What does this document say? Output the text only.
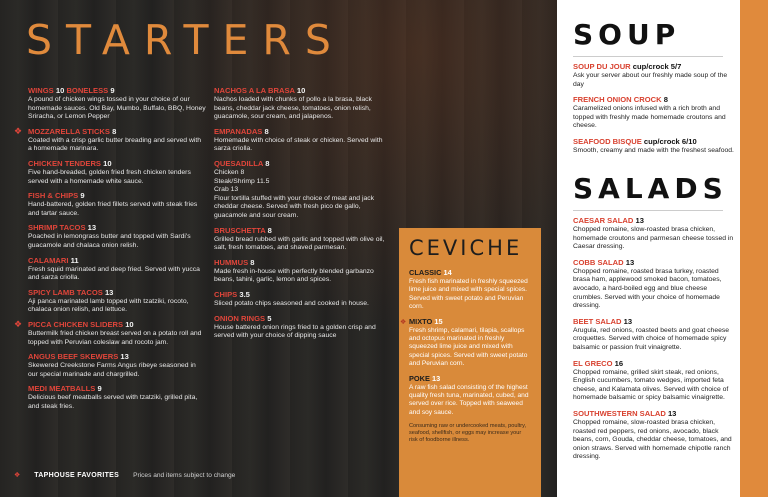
STARTERS
WINGS 10 BONELESS 9
A pound of chicken wings tossed in your choice of our homemade sauces. Old Bay, Mumbo, Buffalo, BBQ, Honey Sriracha, or Lemon Pepper
❖ MOZZARELLA STICKS 8
Coated with a crisp garlic butter breading and served with a homemade marinara.
CHICKEN TENDERS 10
Five hand-breaded, golden fried fresh chicken tenders served with a homemade white sauce.
FISH & CHIPS 9
Hand-battered, golden fried fillets served with steak fries and tartar sauce.
SHRIMP TACOS 13
Poached in lemongrass butter and topped with Sardi's guacamole and chalaca onion relish.
CALAMARI 11
Fresh squid marinated and deep fried. Served with yucca and sarza criolla.
SPICY LAMB TACOS 13
Aji panca marinated lamb topped with tzatziki, rocoto, chalaca onion relish, and lettuce.
❖ PICCA CHICKEN SLIDERS 10
Buttermilk fried chicken breast served on a potato roll and topped with Peruvian coleslaw and rocoto jam.
ANGUS BEEF SKEWERS 13
Skewered Creekstone Farms Angus ribeye seasoned in our special marinade and chargrilled.
MEDI MEATBALLS 9
Delicious beef meatballs served with tzatziki, grilled pita, and steak fries.
NACHOS A LA BRASA 10
Nachos loaded with chunks of pollo a la brasa, black beans, cheddar jack cheese, tomatoes, onion relish, guacamole, sour cream, and jalapenos.
EMPANADAS 8
Homemade with choice of steak or chicken. Served with sarza criolla.
QUESADILLA 8
Chicken 8
Steak/Shrimp 11.5
Crab 13
Flour tortilla stuffed with your choice of meat and jack cheddar cheese. Served with fresh pico de gallo, guacamole and sour cream.
BRUSCHETTA 8
Grilled bread rubbed with garlic and topped with olive oil, salt, fresh tomatoes, and shaved parmesan.
HUMMUS 8
Made fresh in-house with perfectly blended garbanzo beans, tahini, garlic, lemon and spices.
CHIPS 3.5
Sliced potato chips seasoned and cooked in house.
ONION RINGS 5
House battered onion rings fried to a golden crisp and served with your choice of dipping sauce
❖ TAPHOUSE FAVORITES Prices and items subject to change
CEVICHE
CLASSIC 14
Fresh fish marinated in freshly squeezed lime juice and mixed with special spices. Served with sweet potato and Peruvian corn.
❖ MIXTO 15
Fresh shrimp, calamari, tilapia, scallops and octopus marinated in freshly squeezed lime juice and mixed with special spices. Served with sweet potato and Peruvian corn.
POKE 13
A raw fish salad consisting of the highest quality fresh tuna, marinated, cubed, and served over rice. Topped with seaweed and soy sauce.
Consuming raw or undercooked meats, poultry, seafood, shellfish, or eggs may increase your risk of foodborne illness.
SOUP
SOUP DU JOUR cup/crock 5/7
Ask your server about our freshly made soup of the day
FRENCH ONION CROCK 8
Caramelized onions infused with a rich broth and topped with freshly made homemade croutons and cheese.
SEAFOOD BISQUE cup/crock 6/10
Smooth, creamy and made with the freshest seafood.
SALADS
CAESAR SALAD 13
Chopped romaine, slow-roasted brasa chicken, homemade croutons and parmesan cheese tossed in Caesar dressing.
COBB SALAD 13
Chopped romaine, roasted brasa turkey, roasted brasa ham, applewood smoked bacon, tomatoes, avocado, a hard-boiled egg and blue cheese crumbles. Served with your choice of homemade dressing.
BEET SALAD 13
Arugula, red onions, roasted beets and goat cheese croquettes. Served with choice of homemade spicy balsamic or passion fruit vinaigrette.
EL GRECO 16
Chopped romaine, grilled skirt steak, red onions, English cucumbers, tomato wedges, imported feta cheese, and Kalamata olives. Served with choice of homemade balsamic or spicy balsamic vinaigrette.
SOUTHWESTERN SALAD 13
Chopped romaine, slow-roasted brasa chicken, roasted red peppers, red onions, avocado, black beans, corn, Gouda, cheddar cheese, tomatoes, and onion straws. Served with homemade chipotle ranch dressing.
